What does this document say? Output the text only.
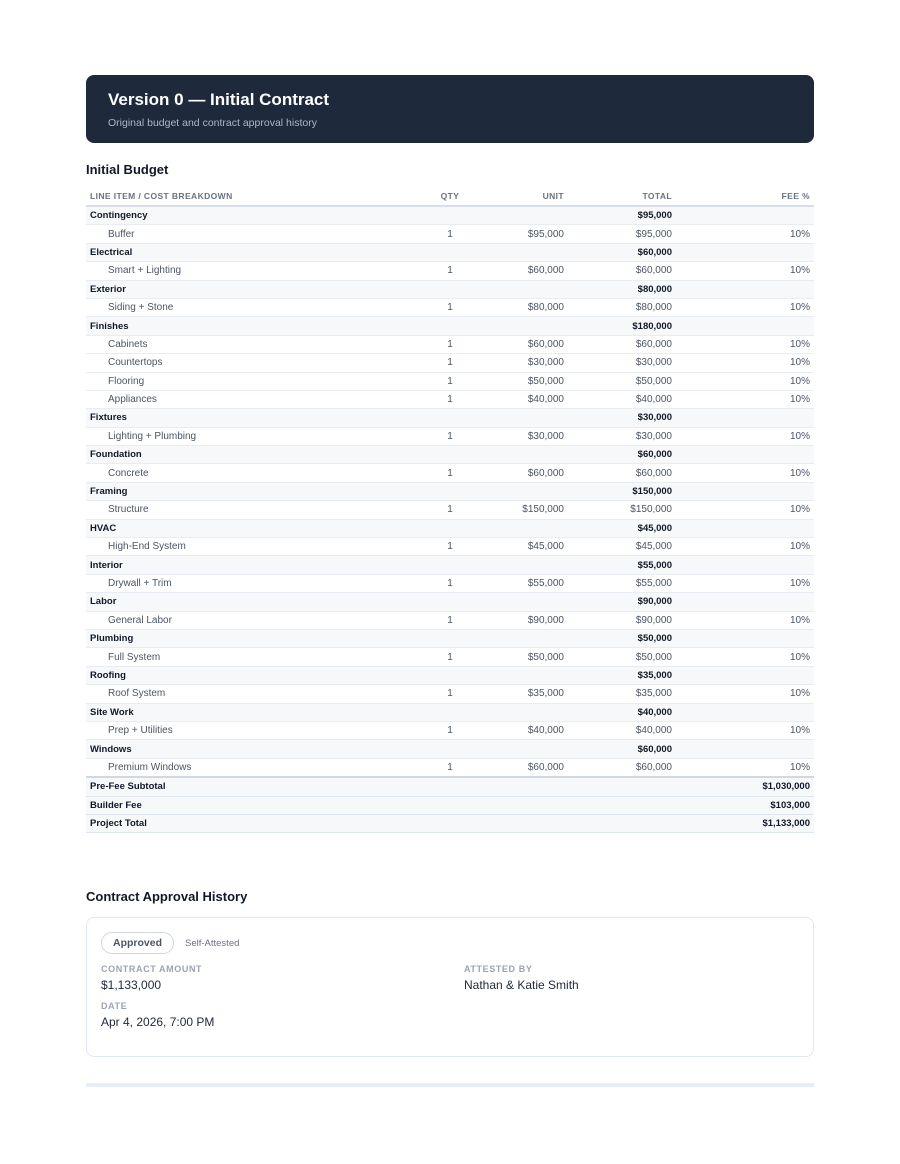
Version 0 — Initial Contract
Original budget and contract approval history
Initial Budget
LINE ITEM / COST BREAKDOWN	QTY	UNIT	TOTAL	FEE %
Contingency			$95,000	
Buffer	1	$95,000	$95,000	10%
Electrical			$60,000	
Smart + Lighting	1	$60,000	$60,000	10%
Exterior			$80,000	
Siding + Stone	1	$80,000	$80,000	10%
Finishes			$180,000	
Cabinets	1	$60,000	$60,000	10%
Countertops	1	$30,000	$30,000	10%
Flooring	1	$50,000	$50,000	10%
Appliances	1	$40,000	$40,000	10%
Fixtures			$30,000	
Lighting + Plumbing	1	$30,000	$30,000	10%
Foundation			$60,000	
Concrete	1	$60,000	$60,000	10%
Framing			$150,000	
Structure	1	$150,000	$150,000	10%
HVAC			$45,000	
High-End System	1	$45,000	$45,000	10%
Interior			$55,000	
Drywall + Trim	1	$55,000	$55,000	10%
Labor			$90,000	
General Labor	1	$90,000	$90,000	10%
Plumbing			$50,000	
Full System	1	$50,000	$50,000	10%
Roofing			$35,000	
Roof System	1	$35,000	$35,000	10%
Site Work			$40,000	
Prep + Utilities	1	$40,000	$40,000	10%
Windows			$60,000	
Premium Windows	1	$60,000	$60,000	10%
Pre-Fee Subtotal				$1,030,000
Builder Fee				$103,000
Project Total				$1,133,000
Contract Approval History
Approved	Self-Attested
CONTRACT AMOUNT
$1,133,000
ATTESTED BY
Nathan & Katie Smith
DATE
Apr 4, 2026, 7:00 PM
